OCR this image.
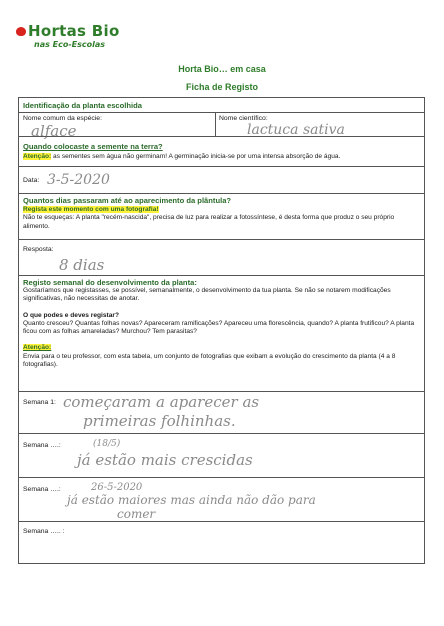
Hortas Bio
nas Eco-Escolas
Horta Bio… em casa
Ficha de Registo
Identificação da planta escolhida
Nome comum da espécie:
alface
Nome científico:
lactuca sativa
Quando colocaste a semente na terra?
Atenção: as sementes sem água não germinam! A germinação inicia-se por uma intensa absorção de água.
Data: 3-5-2020
Quantos dias passaram até ao aparecimento da plântula?
Regista este momento com uma fotografia!
Não te esqueças: A planta "recém-nascida", precisa de luz para realizar a fotossíntese, é desta forma que produz o seu próprio alimento.
Resposta:
8 dias
Registo semanal do desenvolvimento da planta:
Gostaríamos que registasses, se possível, semanalmente, o desenvolvimento da tua planta. Se não se notarem modificações significativas, não necessitas de anotar.
O que podes e deves registar?
Quanto cresceu? Quantas folhas novas? Apareceram ramificações? Apareceu uma florescência, quando? A planta frutificou? A planta ficou com as folhas amareladas? Murchou? Tem parasitas?
Atenção:
Envia para o teu professor, com esta tabela, um conjunto de fotografias que exibam a evolução do crescimento da planta (4 a 8 fotografias).
Semana 1: começaram a aparecer as
primeiras folhinhas.
Semana ….:	(18/5)
já estão mais crescidas
Semana ….:	26-5-2020
já estão maiores mas ainda não dão para
comer
Semana ….. :
